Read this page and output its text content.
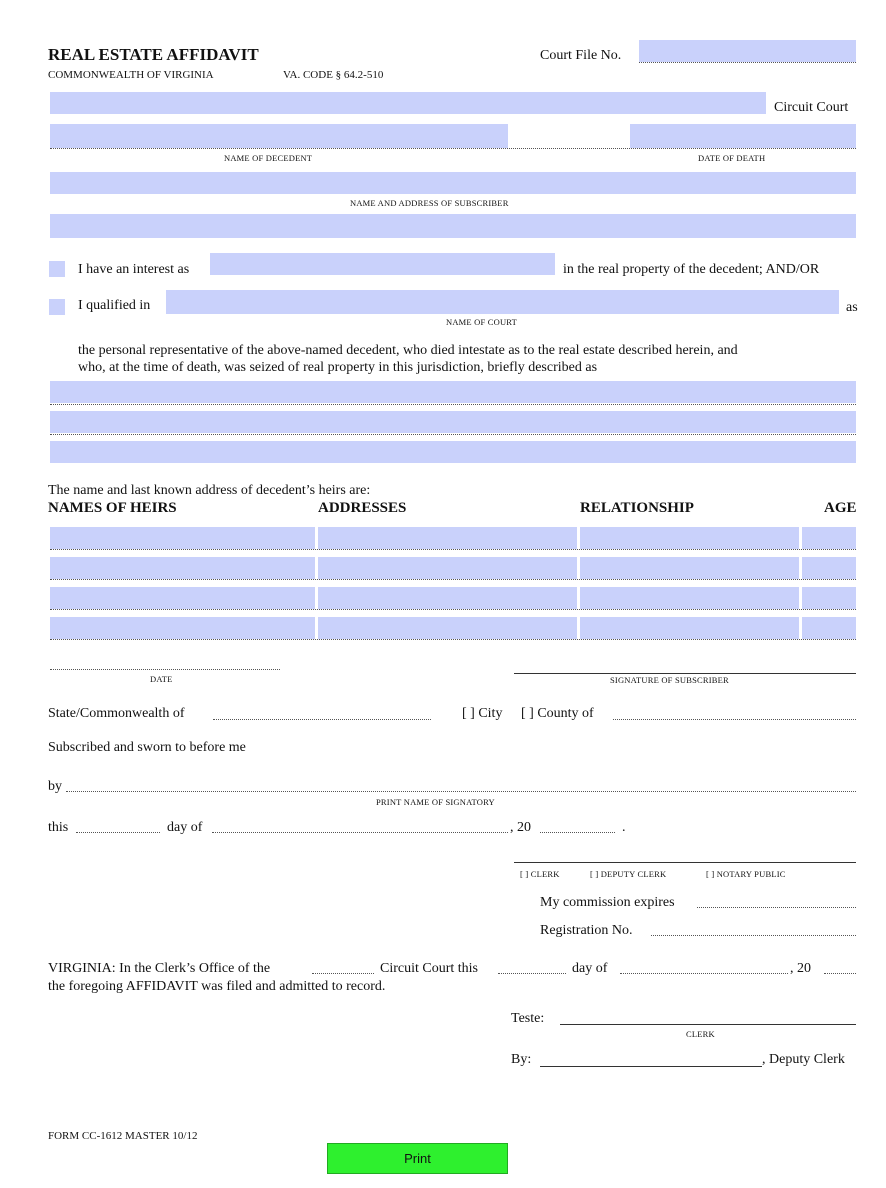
REAL ESTATE AFFIDAVIT
COMMONWEALTH OF VIRGINIA	VA. CODE § 64.2-510
Court File No.
Circuit Court
NAME OF DECEDENT	DATE OF DEATH
NAME AND ADDRESS OF SUBSCRIBER
I have an interest as	in the real property of the decedent; AND/OR
I qualified in	as
NAME OF COURT
the personal representative of the above-named decedent, who died intestate as to the real estate described herein, and
who, at the time of death, was seized of real property in this jurisdiction, briefly described as
The name and last known address of decedent’s heirs are:
NAMES OF HEIRS	ADDRESSES	RELATIONSHIP	AGE
DATE	SIGNATURE OF SUBSCRIBER
State/Commonwealth of	[ ] City [ ] County of
Subscribed and sworn to before me
by
PRINT NAME OF SIGNATORY
this	day of	, 20	.
[ ] CLERK	[ ] DEPUTY CLERK	[ ] NOTARY PUBLIC
My commission expires
Registration No.
VIRGINIA: In the Clerk’s Office of the	Circuit Court this	day of	, 20
the foregoing AFFIDAVIT was filed and admitted to record.
Teste:
CLERK
By:	, Deputy Clerk
FORM CC-1612 MASTER 10/12
Print
